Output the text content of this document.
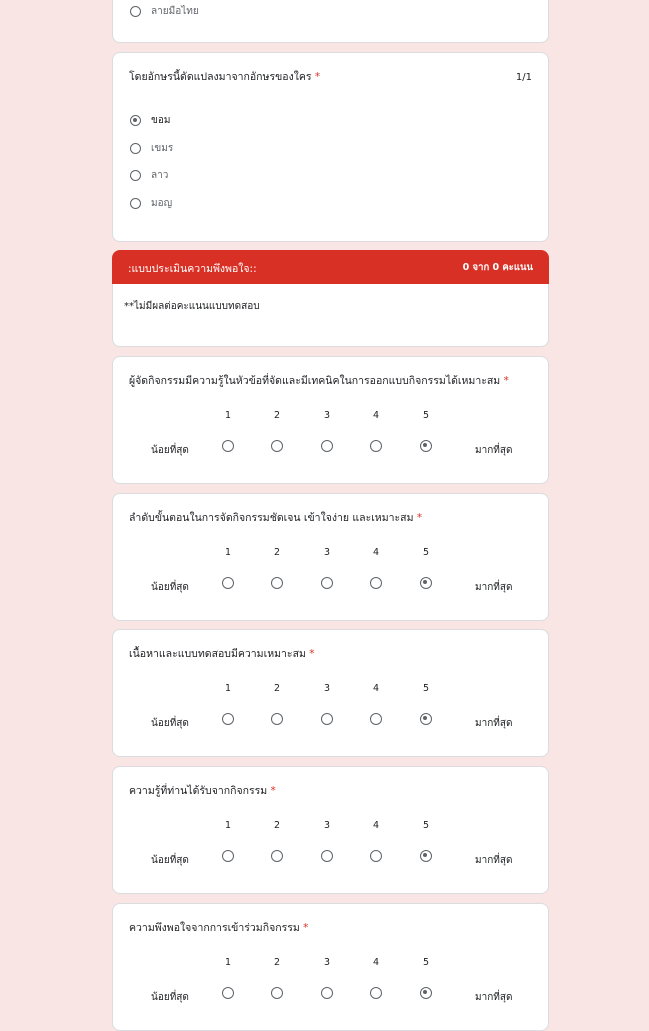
ลายมือไทย
โดยอักษรนี้ดัดแปลงมาจากอักษรของใคร *	1/1
ขอม
เขมร
ลาว
มอญ
:แบบประเมินความพึงพอใจ::	0 จาก 0 คะแนน
**ไม่มีผลต่อคะแนนแบบทดสอบ
ผู้จัดกิจกรรมมีความรู้ในหัวข้อที่จัดและมีเทคนิคในการออกแบบกิจกรรมได้เหมาะสม *
น้อยที่สุด	มากที่สุด
1	2	3	4	5
ลำดับขั้นตอนในการจัดกิจกรรมชัดเจน เข้าใจง่าย และเหมาะสม *
น้อยที่สุด	มากที่สุด
1	2	3	4	5
เนื้อหาและแบบทดสอบมีความเหมาะสม *
น้อยที่สุด	มากที่สุด
1	2	3	4	5
ความรู้ที่ท่านได้รับจากกิจกรรม *
น้อยที่สุด	มากที่สุด
1	2	3	4	5
ความพึงพอใจจากการเข้าร่วมกิจกรรม *
น้อยที่สุด	มากที่สุด
1	2	3	4	5
